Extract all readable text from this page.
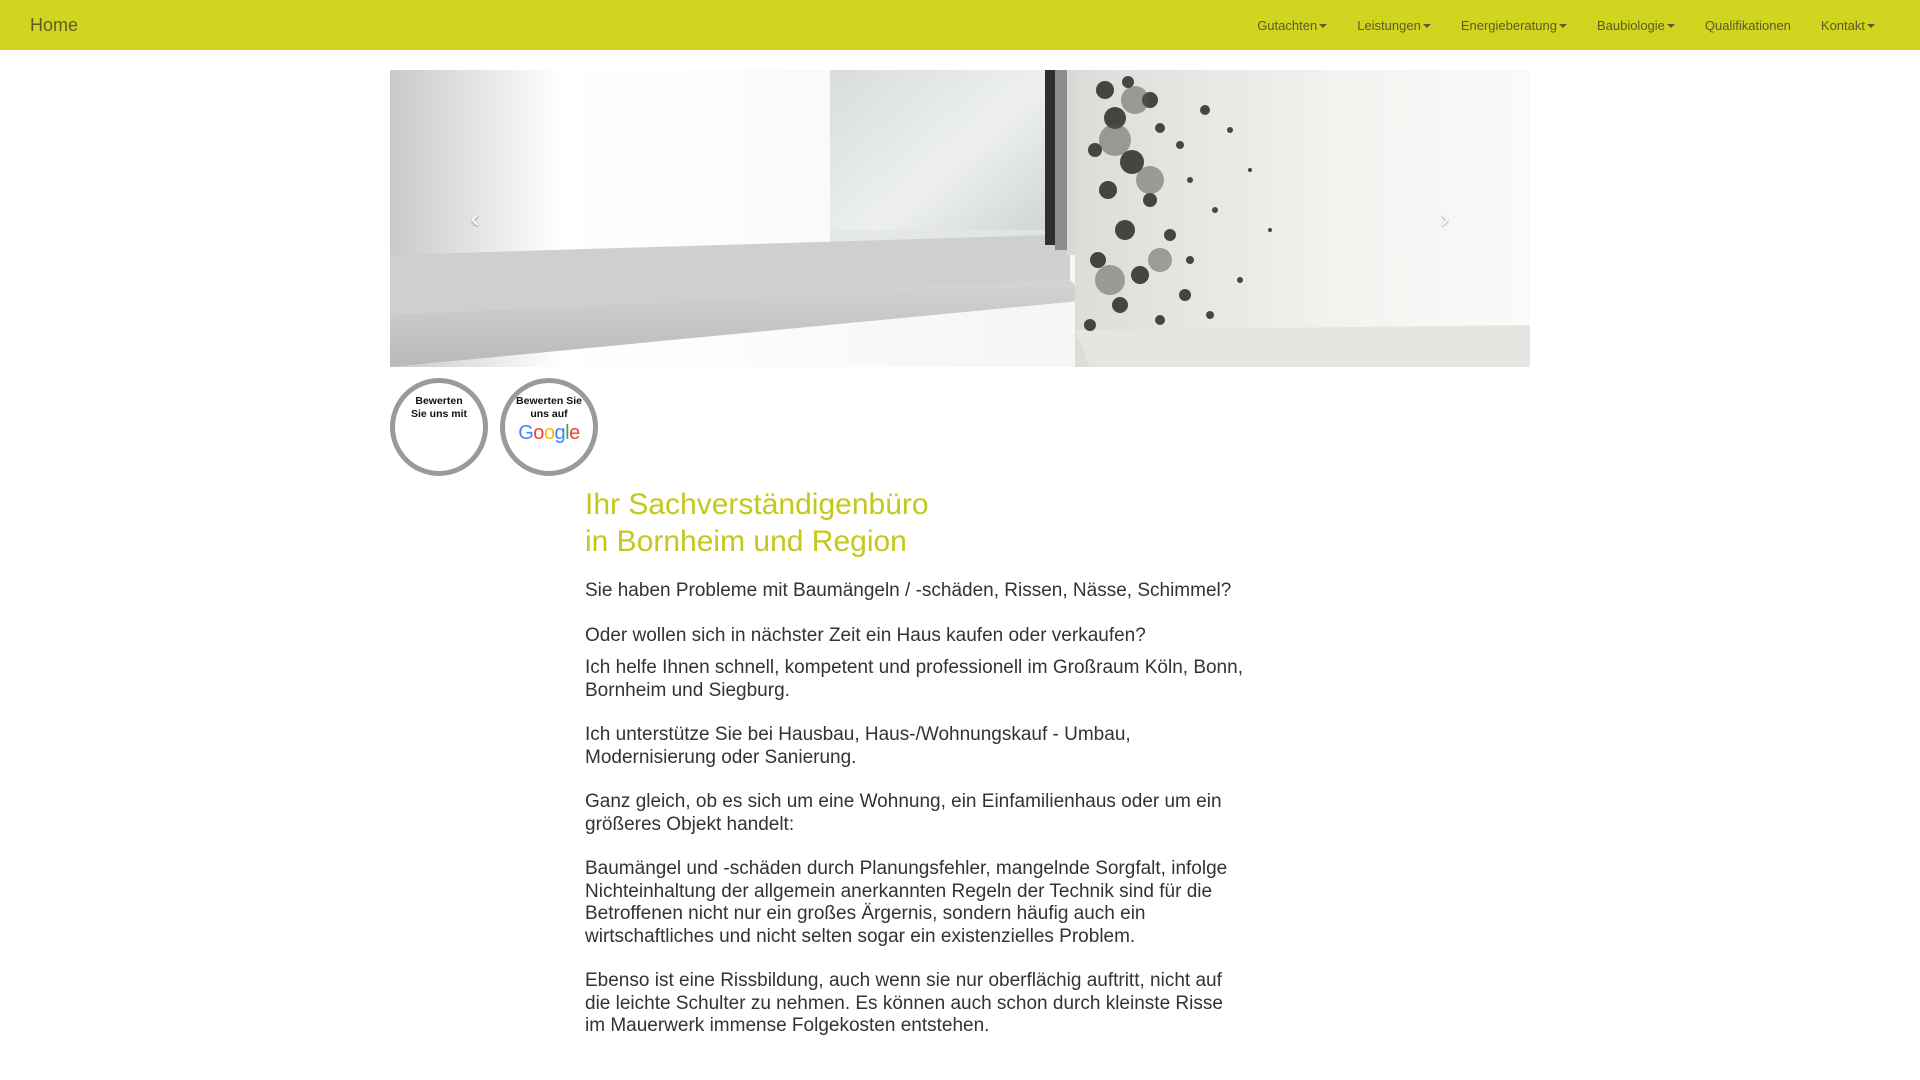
Home	Gutachten	Leistungen	Energieberatung	Baubiologie	Qualifikationen Kontakt
‹	›
Bewerten
Sie uns mit
Bewerten Sie
uns auf
Google
Ihr Sachverständigenbüro
in Bornheim und Region

Sie haben Probleme mit Baumängeln / -schäden, Rissen, Nässe, Schimmel?

Oder wollen sich in nächster Zeit ein Haus kaufen oder verkaufen?

Ich helfe Ihnen schnell, kompetent und professionell im Großraum Köln, Bonn, Bornheim und Siegburg.

Ich unterstütze Sie bei Hausbau, Haus-/Wohnungskauf - Umbau, Modernisierung oder Sanierung.

Ganz gleich, ob es sich um eine Wohnung, ein Einfamilienhaus oder um ein größeres Objekt handelt:

Baumängel und -schäden durch Planungsfehler, mangelnde Sorgfalt, infolge Nichteinhaltung der allgemein anerkannten Regeln der Technik sind für die Betroffenen nicht nur ein großes Ärgernis, sondern häufig auch ein wirtschaftliches und nicht selten sogar ein existenzielles Problem.

Ebenso ist eine Rissbildung, auch wenn sie nur oberflächig auftritt, nicht auf die leichte Schulter zu nehmen. Es können auch schon durch kleinste Risse im Mauerwerk immense Folgekosten entstehen.
